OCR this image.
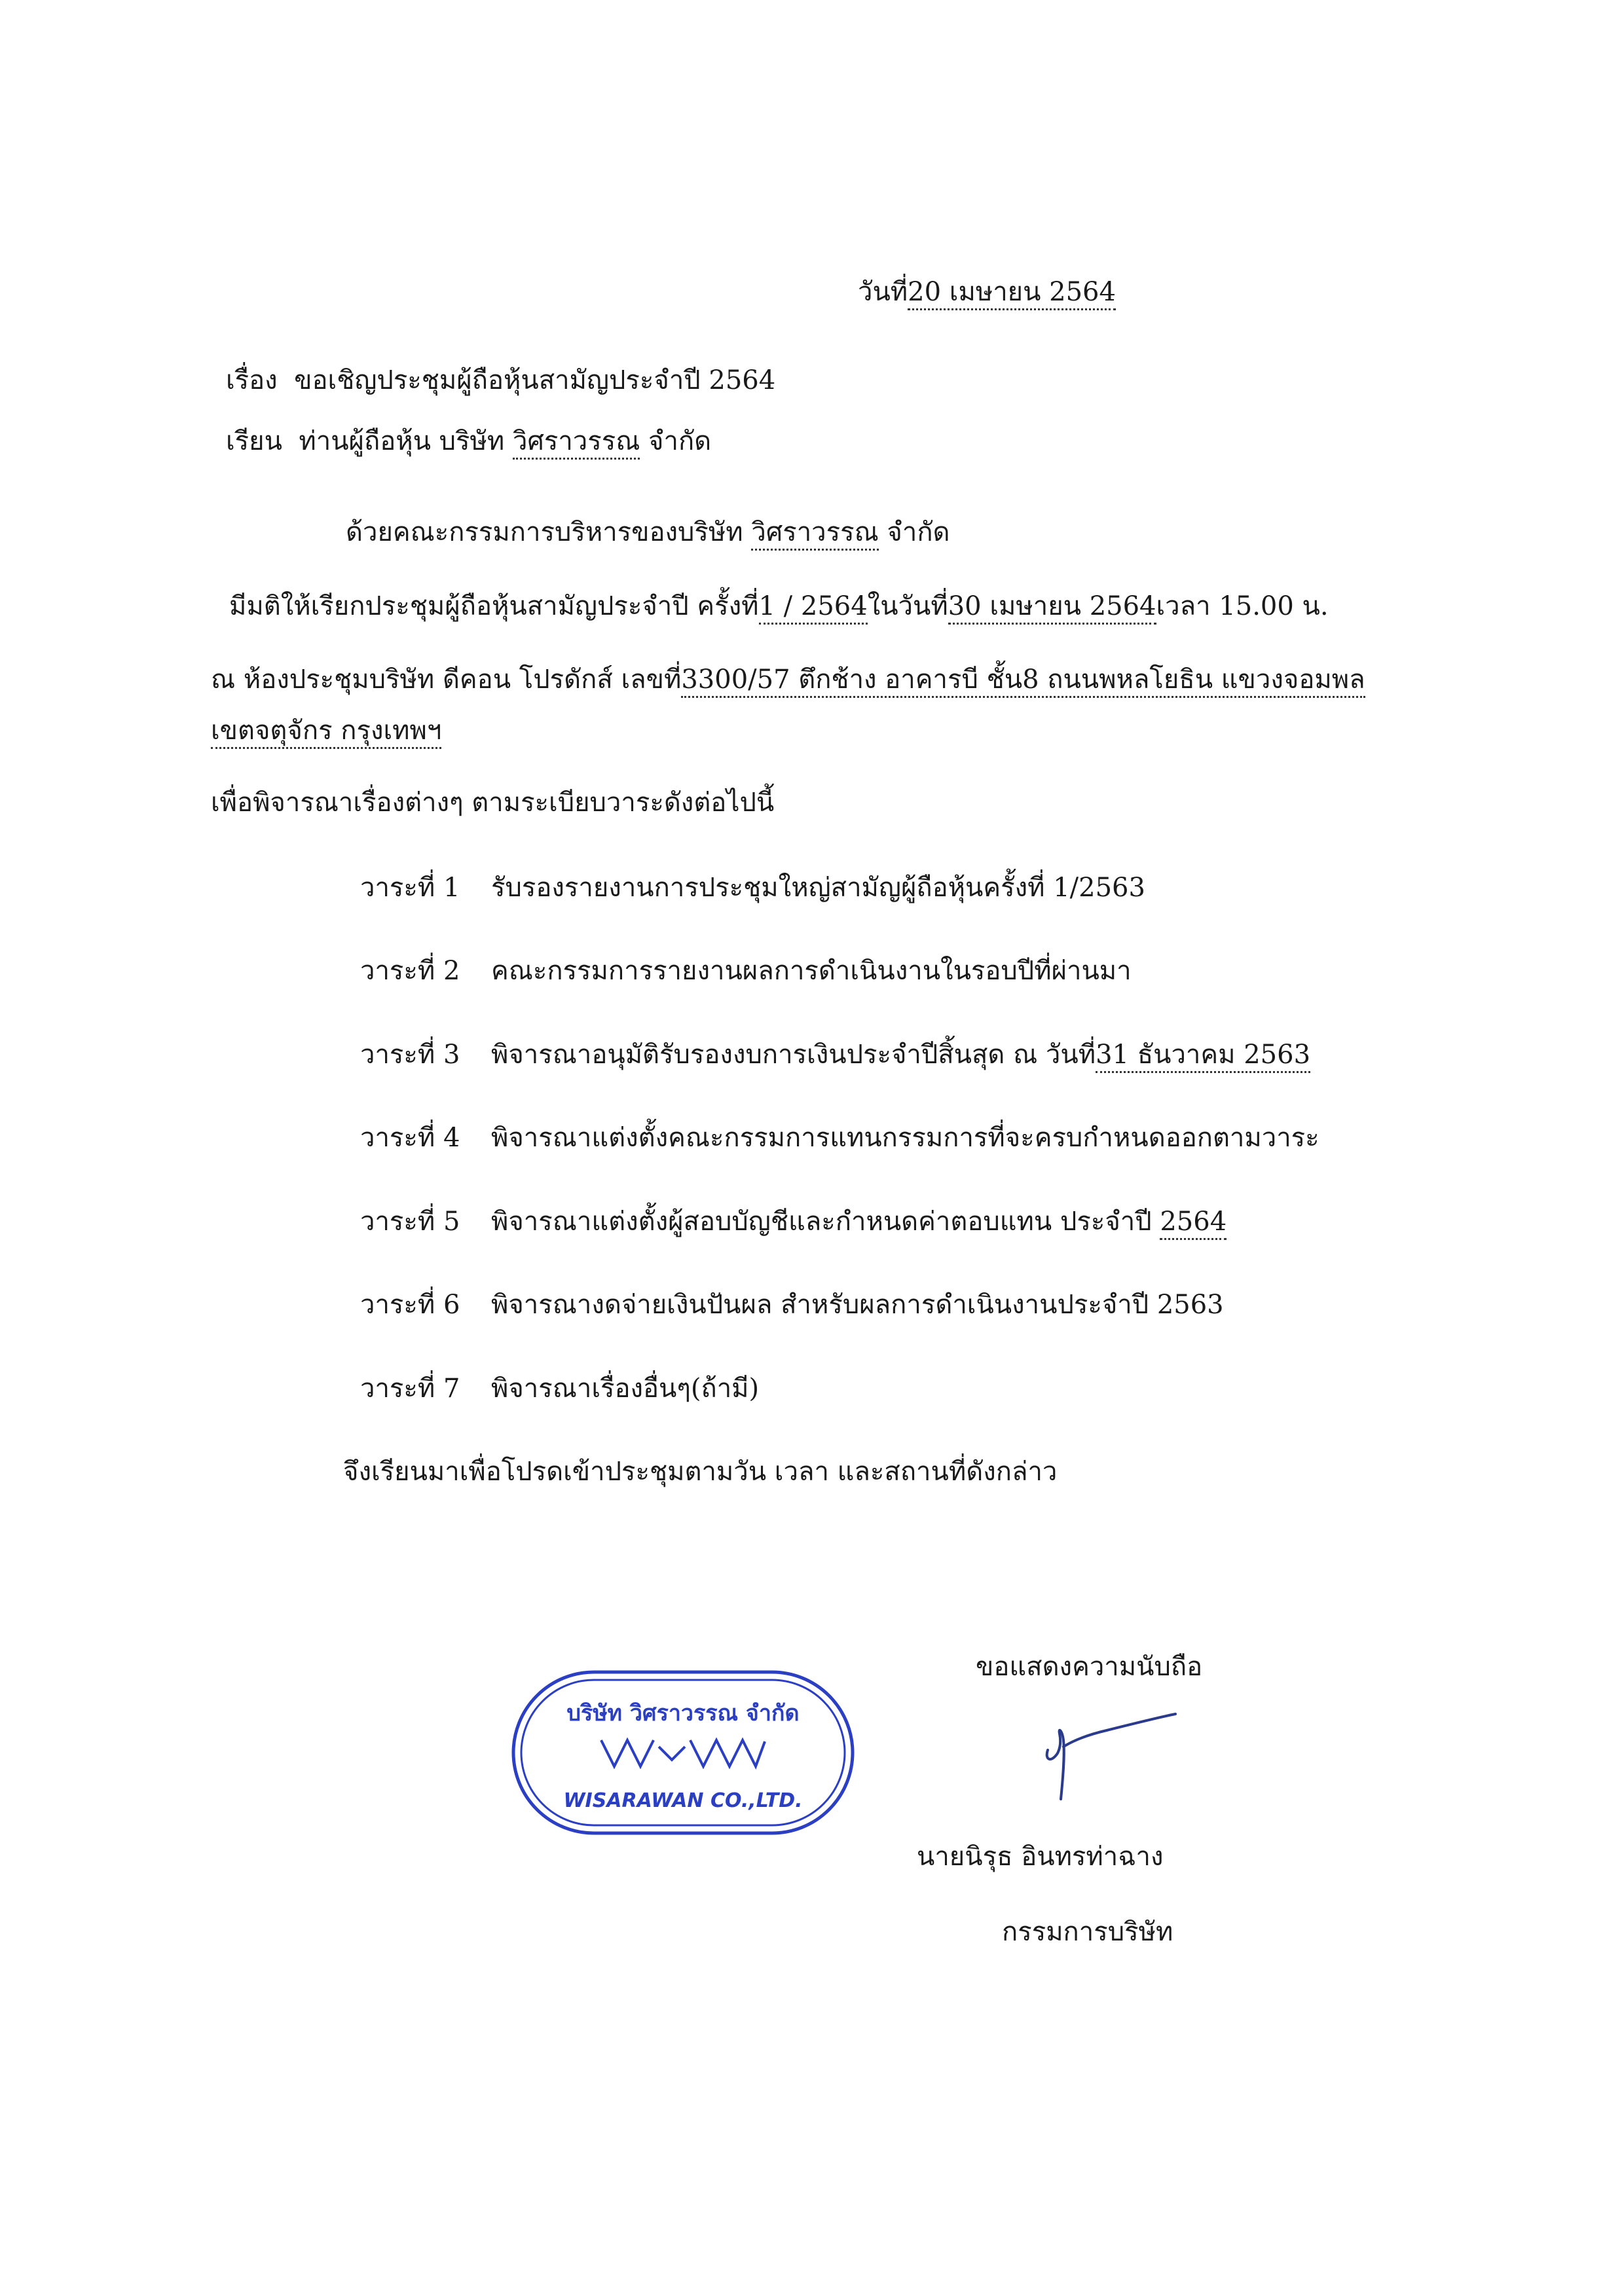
วันที่20 เมษายน 2564
เรื่อง ขอเชิญประชุมผู้ถือหุ้นสามัญประจำปี 2564
เรียน ท่านผู้ถือหุ้น บริษัท วิศราวรรณ จำกัด
ด้วยคณะกรรมการบริหารของบริษัท วิศราวรรณ จำกัด
มีมติให้เรียกประชุมผู้ถือหุ้นสามัญประจำปี ครั้งที่1 / 2564ในวันที่30 เมษายน 2564เวลา 15.00 น.
ณ ห้องประชุมบริษัท ดีคอน โปรดักส์ เลขที่3300/57 ตึกช้าง อาคารบี ชั้น8 ถนนพหลโยธิน แขวงจอมพล
เขตจตุจักร กรุงเทพฯ
เพื่อพิจารณาเรื่องต่างๆ ตามระเบียบวาระดังต่อไปนี้
วาระที่ 1 รับรองรายงานการประชุมใหญ่สามัญผู้ถือหุ้นครั้งที่ 1/2563
วาระที่ 2 คณะกรรมการรายงานผลการดำเนินงานในรอบปีที่ผ่านมา
วาระที่ 3 พิจารณาอนุมัติรับรองงบการเงินประจำปีสิ้นสุด ณ วันที่31 ธันวาคม 2563
วาระที่ 4 พิจารณาแต่งตั้งคณะกรรมการแทนกรรมการที่จะครบกำหนดออกตามวาระ
วาระที่ 5 พิจารณาแต่งตั้งผู้สอบบัญชีและกำหนดค่าตอบแทน ประจำปี 2564
วาระที่ 6 พิจารณางดจ่ายเงินปันผล สำหรับผลการดำเนินงานประจำปี 2563
วาระที่ 7 พิจารณาเรื่องอื่นๆ(ถ้ามี)
จึงเรียนมาเพื่อโปรดเข้าประชุมตามวัน เวลา และสถานที่ดังกล่าว
ขอแสดงความนับถือ
บริษัท วิศราวรรณ จำกัด
WISARAWAN CO.,LTD.
นายนิรุธ อินทรท่าฉาง
กรรมการบริษัท
